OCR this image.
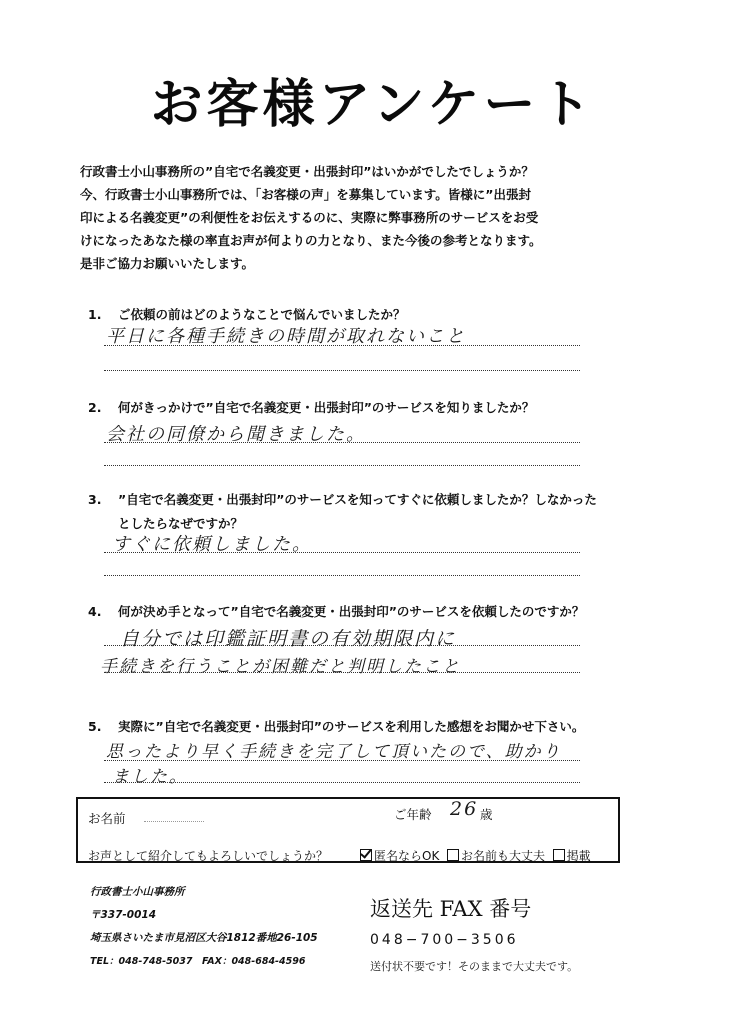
お客様アンケート
行政書士小山事務所の”自宅で名義変更・出張封印”はいかがでしたでしょうか？
今、行政書士小山事務所では、「お客様の声」を募集しています。皆様に”出張封
印による名義変更”の利便性をお伝えするのに、実際に弊事務所のサービスをお受
けになったあなた様の率直お声が何よりの力となり、また今後の参考となります。
是非ご協力お願いいたします。
1. ご依頼の前はどのようなことで悩んでいましたか？
平日に各種手続きの時間が取れないこと
2. 何がきっかけで”自宅で名義変更・出張封印”のサービスを知りましたか？
会社の同僚から聞きました。
3. ”自宅で名義変更・出張封印”のサービスを知ってすぐに依頼しましたか？しなかった
としたらなぜですか？
すぐに依頼しました。
4. 何が決め手となって”自宅で名義変更・出張封印”のサービスを依頼したのですか？
自分では印鑑証明書の有効期限内に
手続きを行うことが困難だと判明したこと
5. 実際に”自宅で名義変更・出張封印”のサービスを利用した感想をお聞かせ下さい。
思ったより早く手続きを完了して頂いたので、助かり
ました。
お名前	ご年齢 26 歳
お声として紹介してもよろしいでしょうか？	匿名ならOK お名前も大丈夫 掲載
行政書士小山事務所
〒337-0014
埼玉県さいたま市見沼区大谷1812番地26-105
TEL：048-748-5037　FAX：048-684-4596
返送先 FAX 番号
048−700−3506
送付状不要です！そのままで大丈夫です。
